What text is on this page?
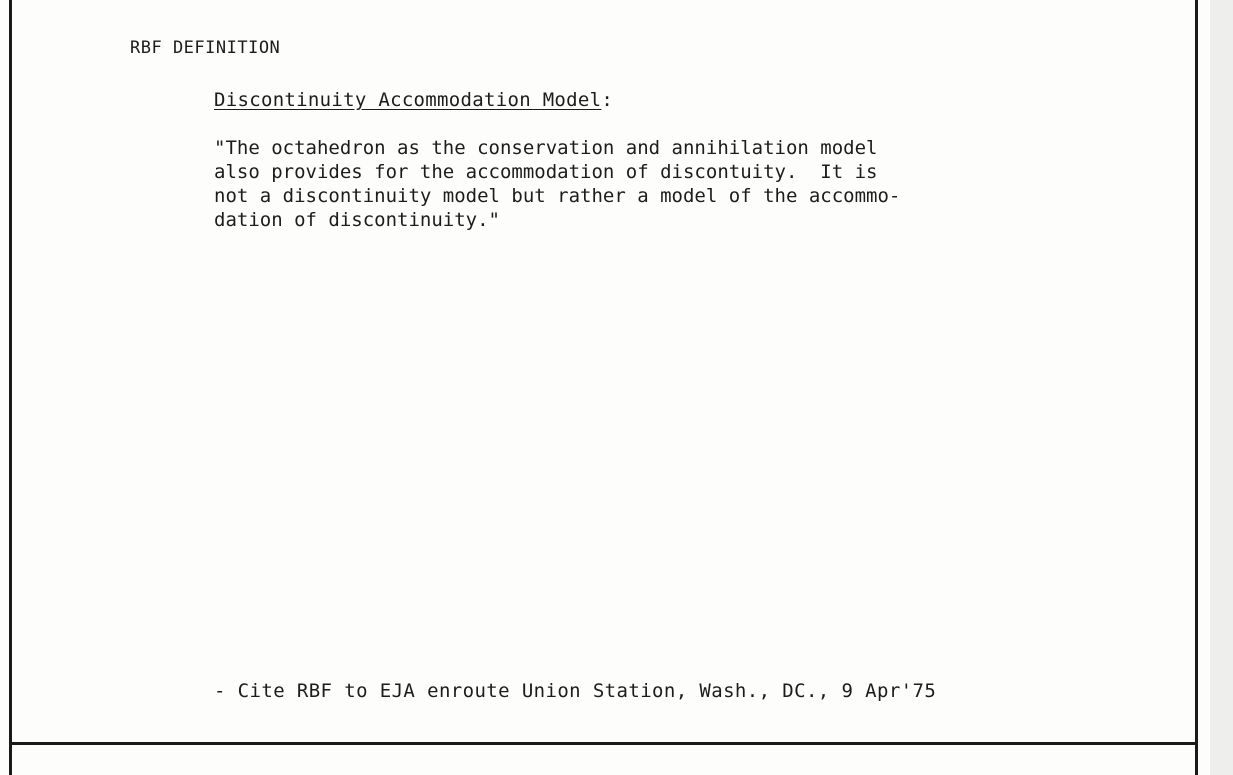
RBF DEFINITION
Discontinuity Accommodation Model:
"The octahedron as the conservation and annihilation model
also provides for the accommodation of discontuity.  It is
not a discontinuity model but rather a model of the accommo-
dation of discontinuity."
- Cite RBF to EJA enroute Union Station, Wash., DC., 9 Apr'75
